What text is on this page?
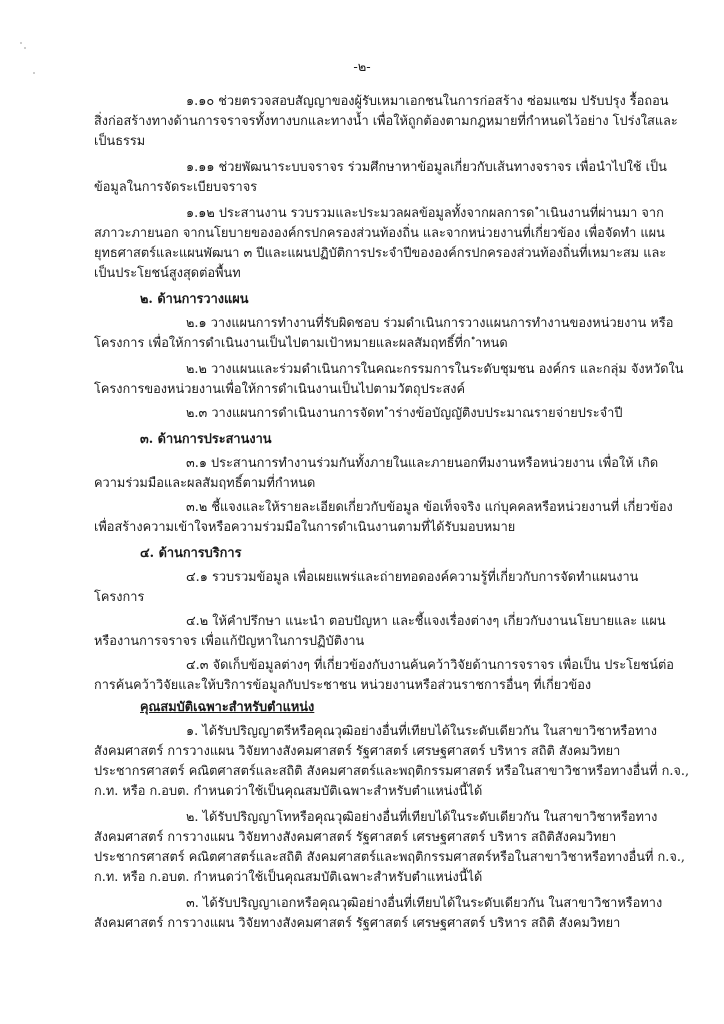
-๒-
๑.๑๐ ช่วยตรวจสอบสัญญาของผู้รับเหมาเอกชนในการก่อสร้าง ซ่อมแซม ปรับปรุง รื้อถอน
สิ่งก่อสร้างทางด้านการจราจรทั้งทางบกและทางน้ำ เพื่อให้ถูกต้องตามกฎหมายที่กำหนดไว้อย่าง โปร่งใสและ
เป็นธรรม
๑.๑๑ ช่วยพัฒนาระบบจราจร ร่วมศึกษาหาข้อมูลเกี่ยวกับเส้นทางจราจร เพื่อนำไปใช้ เป็น
ข้อมูลในการจัดระเบียบจราจร
๑.๑๒ ประสานงาน รวบรวมและประมวลผลข้อมูลทั้งจากผลการด ำเนินงานที่ผ่านมา จาก
สภาวะภายนอก จากนโยบายขององค์กรปกครองส่วนท้องถิ่น และจากหน่วยงานที่เกี่ยวข้อง เพื่อจัดทำ แผน
ยุทธศาสตร์และแผนพัฒนา ๓ ปีและแผนปฏิบัติการประจำปีขององค์กรปกครองส่วนท้องถิ่นที่เหมาะสม และ
เป็นประโยชน์สูงสุดต่อพื้นท
๒. ด้านการวางแผน
๒.๑ วางแผนการทำงานที่รับผิดชอบ ร่วมดำเนินการวางแผนการทำงานของหน่วยงาน หรือ
โครงการ เพื่อให้การดำเนินงานเป็นไปตามเป้าหมายและผลสัมฤทธิ์ที่ก ำหนด
๒.๒ วางแผนและร่วมดำเนินการในคณะกรรมการในระดับชุมชน องค์กร และกลุ่ม จังหวัดใน
โครงการของหน่วยงานเพื่อให้การดำเนินงานเป็นไปตามวัตถุประสงค์
๒.๓ วางแผนการดำเนินงานการจัดท ำร่างข้อบัญญัติงบประมาณรายจ่ายประจำปี
๓. ด้านการประสานงาน
๓.๑ ประสานการทำงานร่วมกันทั้งภายในและภายนอกทีมงานหรือหน่วยงาน เพื่อให้ เกิด
ความร่วมมือและผลสัมฤทธิ์ตามที่กำหนด
๓.๒ ชี้แจงและให้รายละเอียดเกี่ยวกับข้อมูล ข้อเท็จจริง แก่บุคคลหรือหน่วยงานที่ เกี่ยวข้อง
เพื่อสร้างความเข้าใจหรือความร่วมมือในการดำเนินงานตามที่ได้รับมอบหมาย
๔. ด้านการบริการ
๔.๑ รวบรวมข้อมูล เพื่อเผยแพร่และถ่ายทอดองค์ความรู้ที่เกี่ยวกับการจัดทำแผนงาน
โครงการ
๔.๒ ให้คำปรึกษา แนะนำ ตอบปัญหา และชี้แจงเรื่องต่างๆ เกี่ยวกับงานนโยบายและ แผน
หรืองานการจราจร เพื่อแก้ปัญหาในการปฏิบัติงาน
๔.๓ จัดเก็บข้อมูลต่างๆ ที่เกี่ยวข้องกับงานค้นคว้าวิจัยด้านการจราจร เพื่อเป็น ประโยชน์ต่อ
การค้นคว้าวิจัยและให้บริการข้อมูลกับประชาชน หน่วยงานหรือส่วนราชการอื่นๆ ที่เกี่ยวข้อง
คุณสมบัติเฉพาะสำหรับตำแหน่ง
๑. ได้รับปริญญาตรีหรือคุณวุฒิอย่างอื่นที่เทียบได้ในระดับเดียวกัน ในสาขาวิชาหรือทาง
สังคมศาสตร์ การวางแผน วิจัยทางสังคมศาสตร์ รัฐศาสตร์ เศรษฐศาสตร์ บริหาร สถิติ สังคมวิทยา
ประชากรศาสตร์ คณิตศาสตร์และสถิติ สังคมศาสตร์และพฤติกรรมศาสตร์ หรือในสาขาวิชาหรือทางอื่นที่ ก.จ.,
ก.ท. หรือ ก.อบต. กำหนดว่าใช้เป็นคุณสมบัติเฉพาะสำหรับตำแหน่งนี้ได้
๒. ได้รับปริญญาโทหรือคุณวุฒิอย่างอื่นที่เทียบได้ในระดับเดียวกัน ในสาขาวิชาหรือทาง
สังคมศาสตร์ การวางแผน วิจัยทางสังคมศาสตร์ รัฐศาสตร์ เศรษฐศาสตร์ บริหาร สถิติสังคมวิทยา
ประชากรศาสตร์ คณิตศาสตร์และสถิติ สังคมศาสตร์และพฤติกรรมศาสตร์หรือในสาขาวิชาหรือทางอื่นที่ ก.จ.,
ก.ท. หรือ ก.อบต. กำหนดว่าใช้เป็นคุณสมบัติเฉพาะสำหรับตำแหน่งนี้ได้
๓. ได้รับปริญญาเอกหรือคุณวุฒิอย่างอื่นที่เทียบได้ในระดับเดียวกัน ในสาขาวิชาหรือทาง
สังคมศาสตร์ การวางแผน วิจัยทางสังคมศาสตร์ รัฐศาสตร์ เศรษฐศาสตร์ บริหาร สถิติ สังคมวิทยา
